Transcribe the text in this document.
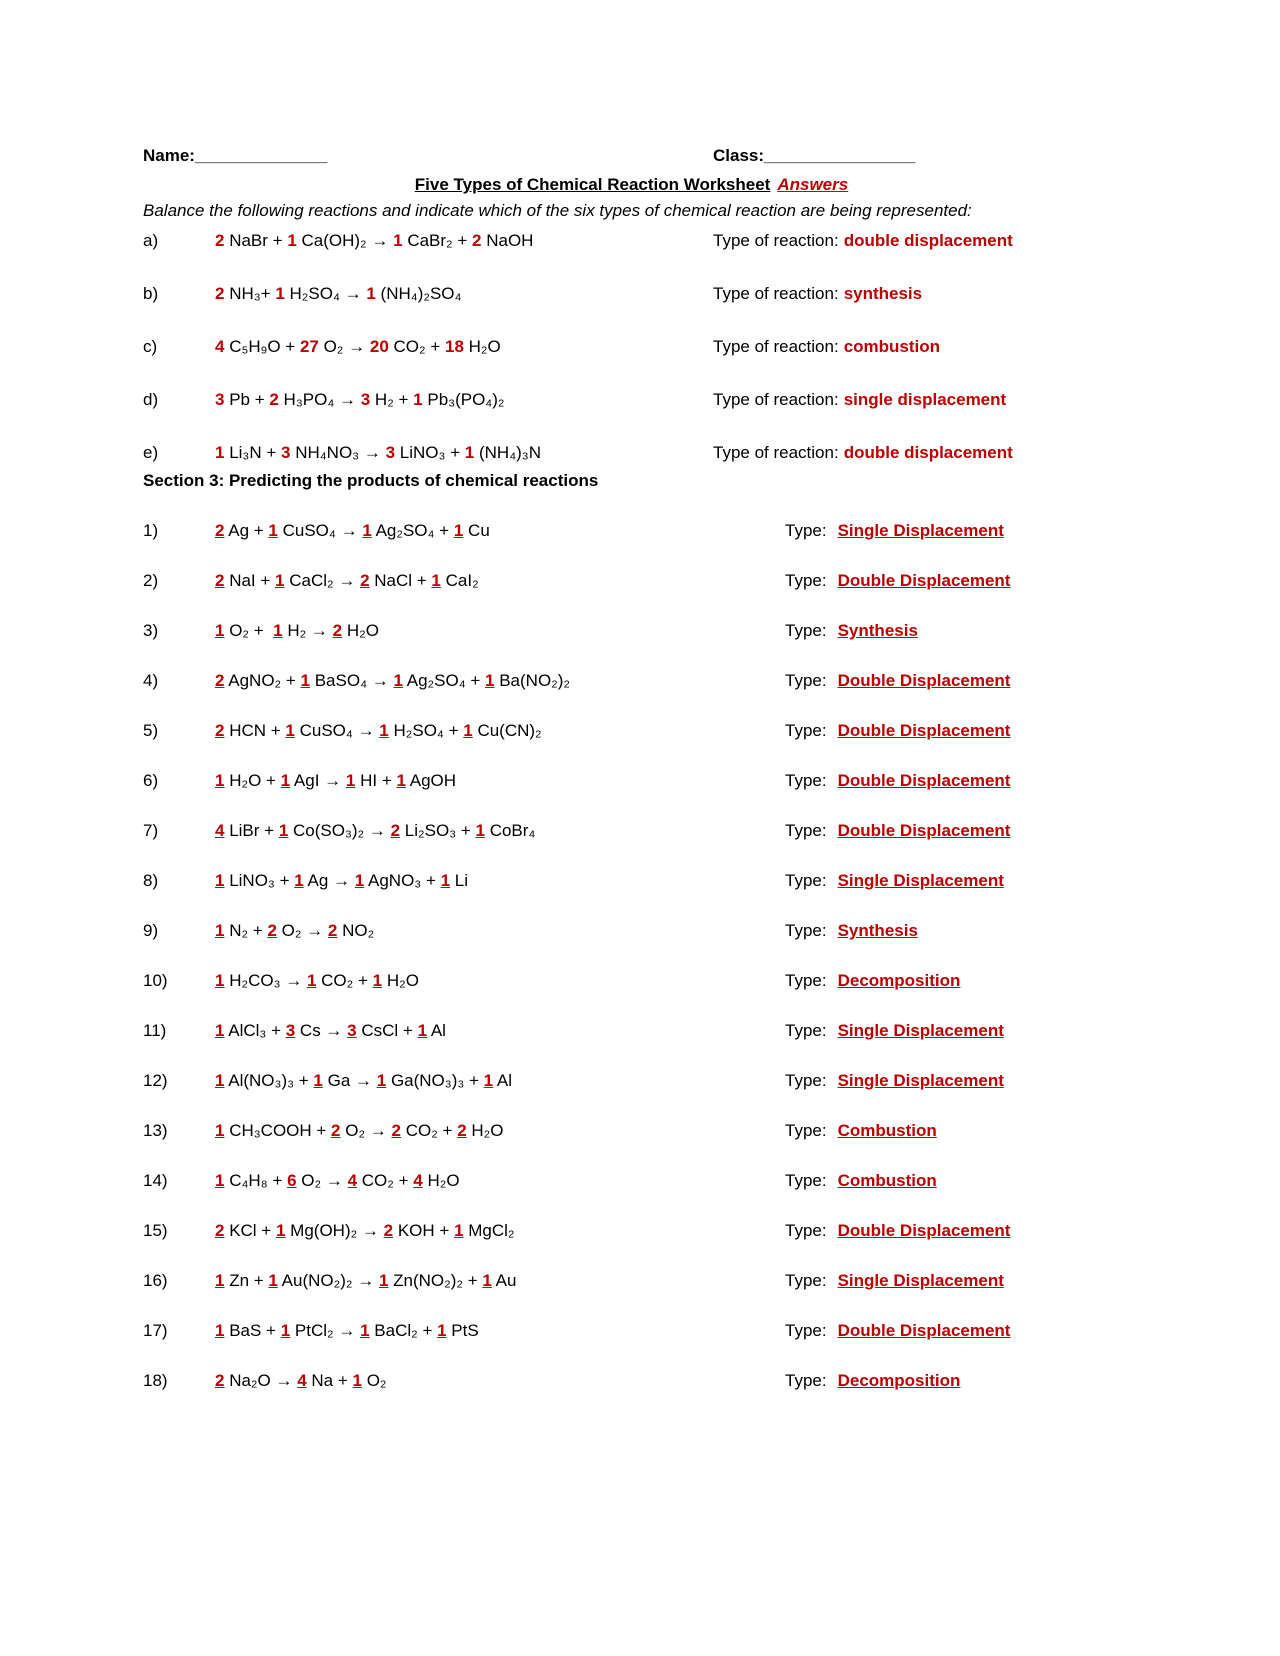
Name:______________	Class:________________
Five Types of Chemical Reaction Worksheet Answers
Balance the following reactions and indicate which of the six types of chemical reaction are being represented:
a)	2 NaBr + 1 Ca(OH)₂ → 1 CaBr₂ + 2 NaOH	Type of reaction: double displacement
b)	2 NH₃+ 1 H₂SO₄ → 1 (NH₄)₂SO₄	Type of reaction: synthesis
c)	4 C₅H₉O + 27 O₂ → 20 CO₂ + 18 H₂O	Type of reaction: combustion
d)	3 Pb + 2 H₃PO₄ → 3 H₂ + 1 Pb₃(PO₄)₂	Type of reaction: single displacement
e)	1 Li₃N + 3 NH₄NO₃ → 3 LiNO₃ + 1 (NH₄)₃N	Type of reaction: double displacement
Section 3: Predicting the products of chemical reactions
1)	2 Ag + 1 CuSO₄ → 1 Ag₂SO₄ + 1 Cu	Type: Single Displacement
2)	2 NaI + 1 CaCl₂ → 2 NaCl + 1 CaI₂	Type: Double Displacement
3)	1 O₂ +  1 H₂ → 2 H₂O	Type: Synthesis
4)	2 AgNO₂ + 1 BaSO₄ → 1 Ag₂SO₄ + 1 Ba(NO₂)₂	Type: Double Displacement
5)	2 HCN + 1 CuSO₄ → 1 H₂SO₄ + 1 Cu(CN)₂	Type: Double Displacement
6)	1 H₂O + 1 AgI → 1 HI + 1 AgOH	Type: Double Displacement
7)	4 LiBr + 1 Co(SO₃)₂ → 2 Li₂SO₃ + 1 CoBr₄	Type: Double Displacement
8)	1 LiNO₃ + 1 Ag → 1 AgNO₃ + 1 Li	Type: Single Displacement
9)	1 N₂ + 2 O₂ → 2 NO₂	Type: Synthesis
10)	1 H₂CO₃ → 1 CO₂ + 1 H₂O	Type: Decomposition
11)	1 AlCl₃ + 3 Cs → 3 CsCl + 1 Al	Type: Single Displacement
12)	1 Al(NO₃)₃ + 1 Ga → 1 Ga(NO₃)₃ + 1 Al	Type: Single Displacement
13)	1 CH₃COOH + 2 O₂ → 2 CO₂ + 2 H₂O	Type: Combustion
14)	1 C₄H₈ + 6 O₂ → 4 CO₂ + 4 H₂O	Type: Combustion
15)	2 KCl + 1 Mg(OH)₂ → 2 KOH + 1 MgCl₂	Type: Double Displacement
16)	1 Zn + 1 Au(NO₂)₂ → 1 Zn(NO₂)₂ + 1 Au	Type: Single Displacement
17)	1 BaS + 1 PtCl₂ → 1 BaCl₂ + 1 PtS	Type: Double Displacement
18)	2 Na₂O → 4 Na + 1 O₂	Type: Decomposition
